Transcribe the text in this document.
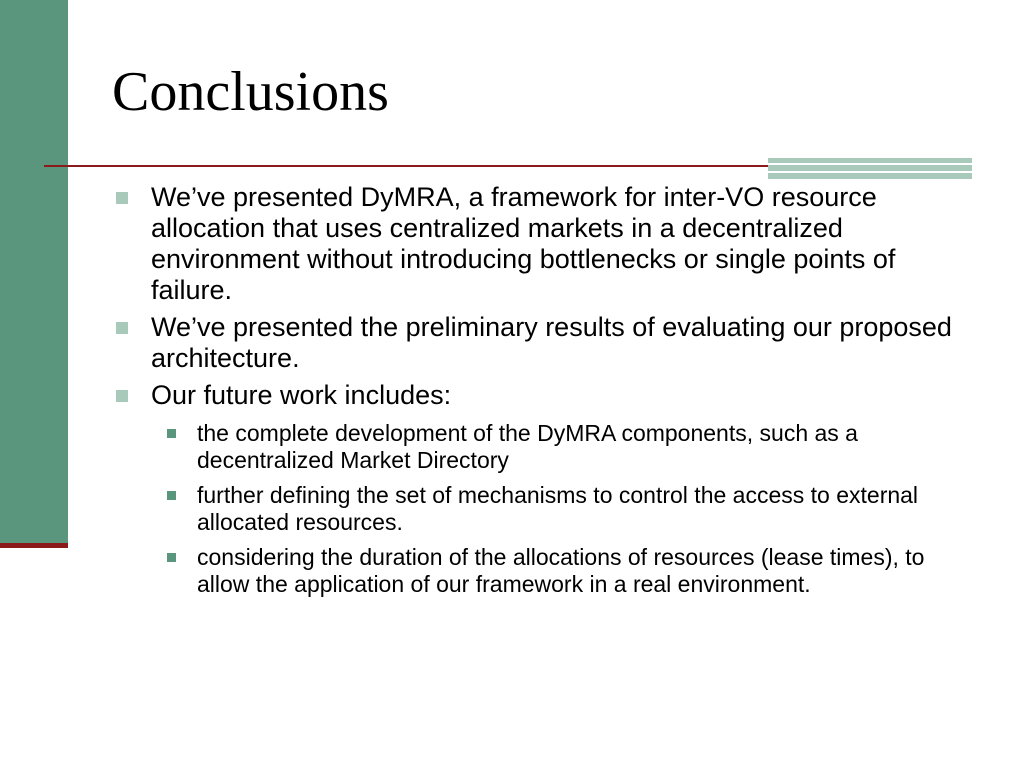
Conclusions
We’ve presented DyMRA, a framework for inter-VO resource allocation that uses centralized markets in a decentralized environment without introducing bottlenecks or single points of failure.
We’ve presented the preliminary results of evaluating our proposed architecture.
Our future work includes:
the complete development of the DyMRA components, such as a decentralized Market Directory
further defining the set of mechanisms to control the access to external allocated resources.
considering the duration of the allocations of resources (lease times), to allow the application of our framework in a real environment.
